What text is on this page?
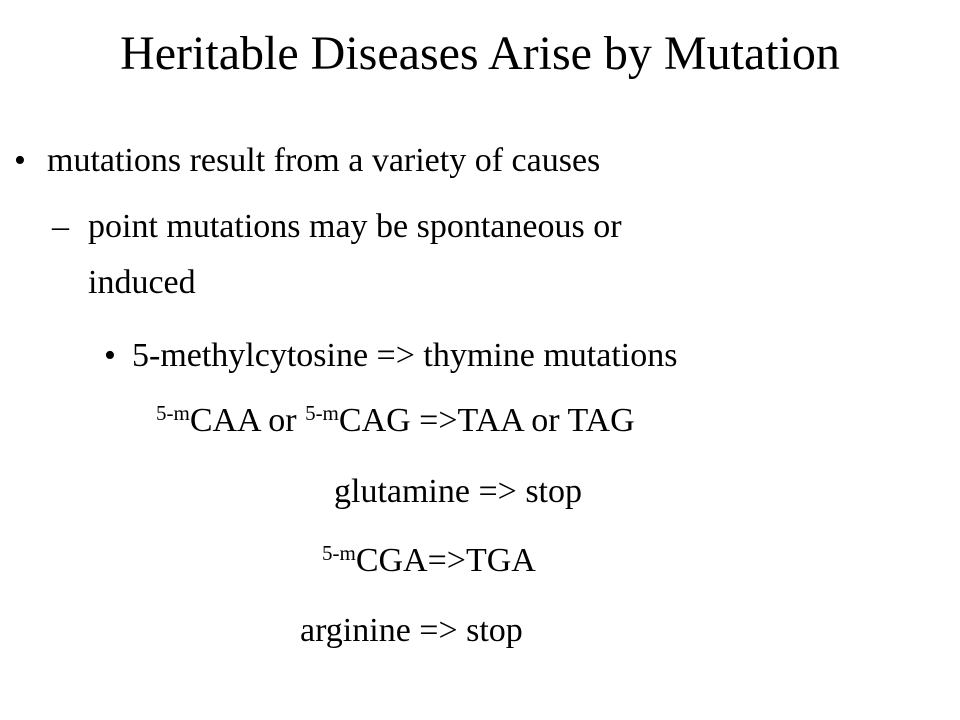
Heritable Diseases Arise by Mutation
• mutations result from a variety of causes
– point mutations may be spontaneous or
induced
• 5-methylcytosine => thymine mutations
$^{5-m}$CAA or $^{5-m}$CAG =>TAA or TAG
glutamine => stop
$^{5-m}$CGA=>TGA
arginine => stop
